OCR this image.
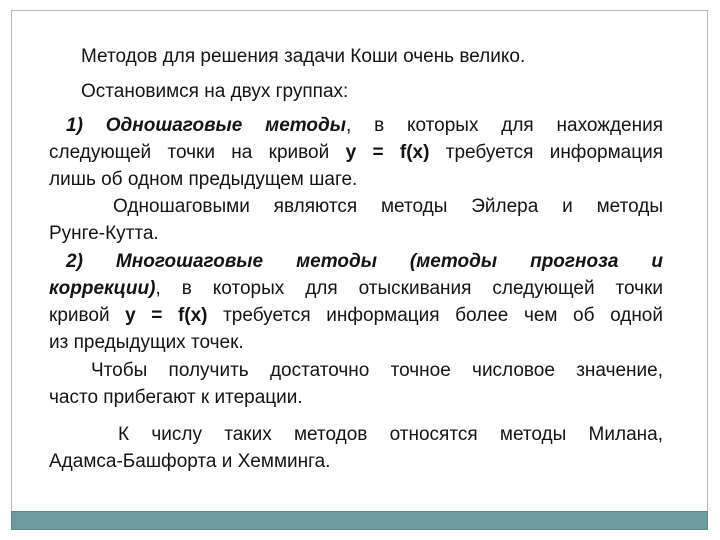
Методов для решения задачи Коши очень велико.
Остановимся на двух группах:
1) Одношаговые методы, в которых для нахождения
следующей точки на кривой y = f(x) требуется информация
лишь об одном предыдущем шаге.
Одношаговыми являются методы Эйлера и методы
Рунге-Кутта.
2) Многошаговые методы (методы прогноза и
коррекции), в которых для отыскивания следующей точки
кривой y = f(x) требуется информация более чем об одной
из предыдущих точек.
Чтобы получить достаточно точное числовое значение,
часто прибегают к итерации.
К числу таких методов относятся методы Милана,
Адамса-Башфорта и Хемминга.
